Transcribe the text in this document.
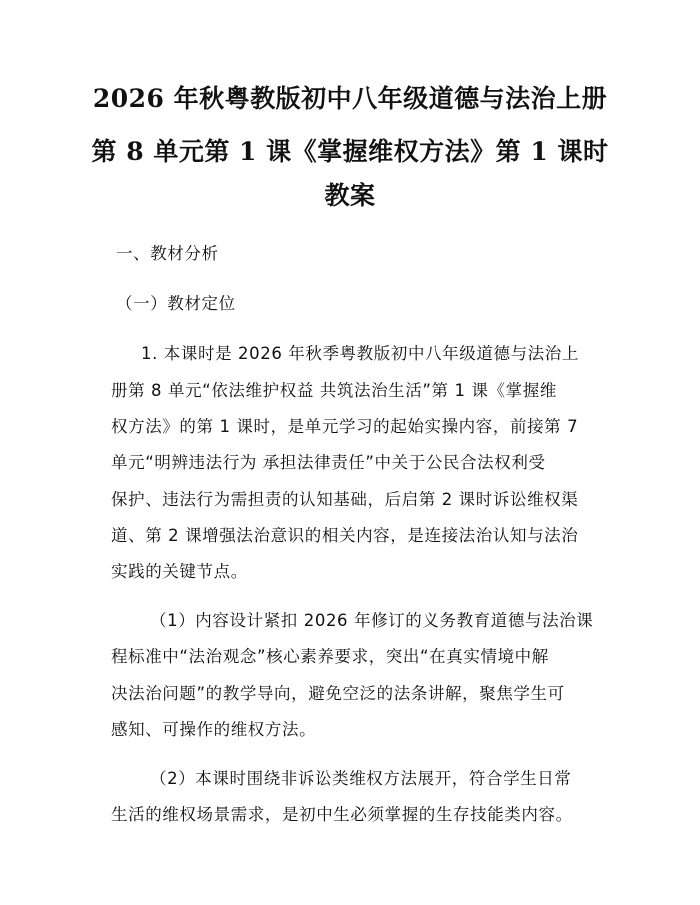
2026 年秋粤教版初中八年级道德与法治上册
第 8 单元第 1 课《掌握维权方法》第 1 课时
教案
一、教材分析
（一）教材定位
1. 本课时是 2026 年秋季粤教版初中八年级道德与法治上
册第 8 单元“依法维护权益 共筑法治生活”第 1 课《掌握维
权方法》的第 1 课时，是单元学习的起始实操内容，前接第 7
单元“明辨违法行为 承担法律责任”中关于公民合法权利受
保护、违法行为需担责的认知基础，后启第 2 课时诉讼维权渠
道、第 2 课增强法治意识的相关内容，是连接法治认知与法治
实践的关键节点。
（1）内容设计紧扣 2026 年修订的义务教育道德与法治课
程标准中“法治观念”核心素养要求，突出“在真实情境中解
决法治问题”的教学导向，避免空泛的法条讲解，聚焦学生可
感知、可操作的维权方法。
（2）本课时围绕非诉讼类维权方法展开，符合学生日常
生活的维权场景需求，是初中生必须掌握的生存技能类内容。
